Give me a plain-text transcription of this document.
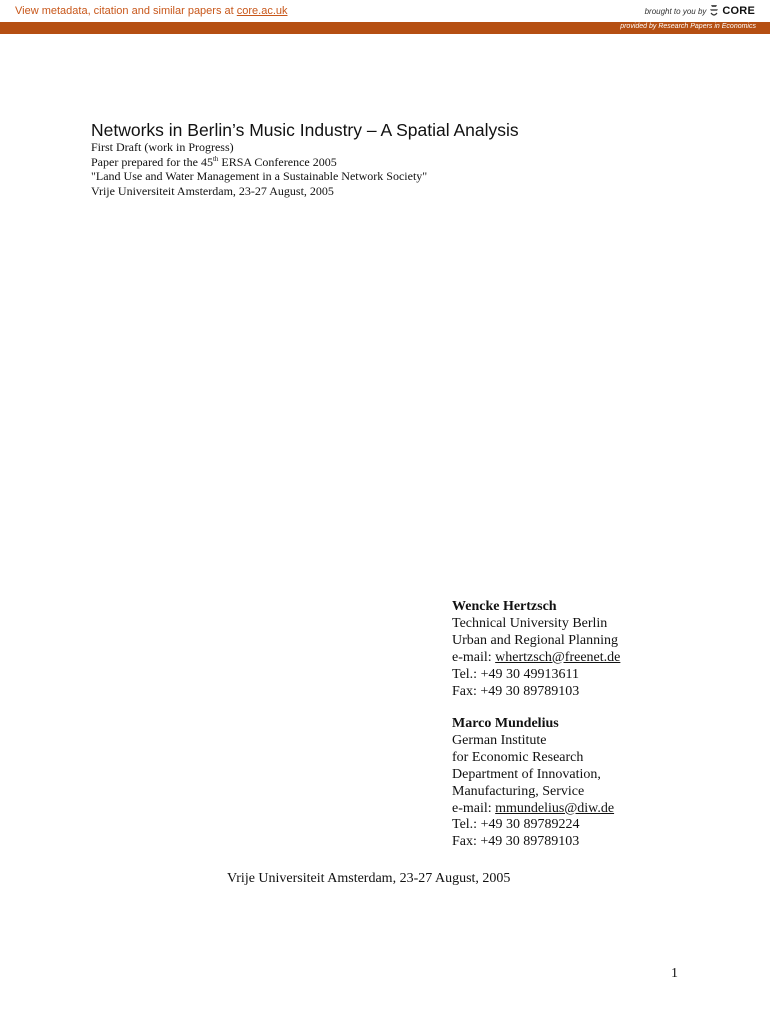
View metadata, citation and similar papers at core.ac.uk	brought to you by CORE
provided by Research Papers in Economics
Networks in Berlin’s Music Industry – A Spatial Analysis
First Draft (work in Progress)
Paper prepared for the 45th ERSA Conference 2005
"Land Use and Water Management in a Sustainable Network Society"
Vrije Universiteit Amsterdam, 23-27 August, 2005
Wencke Hertzsch
Technical University Berlin
Urban and Regional Planning
e-mail: whertzsch@freenet.de
Tel.: +49 30 49913611
Fax: +49 30 89789103
Marco Mundelius
German Institute
for Economic Research
Department of Innovation,
Manufacturing, Service
e-mail: mmundelius@diw.de
Tel.: +49 30 89789224
Fax: +49 30 89789103
Vrije Universiteit Amsterdam, 23-27 August, 2005
1
